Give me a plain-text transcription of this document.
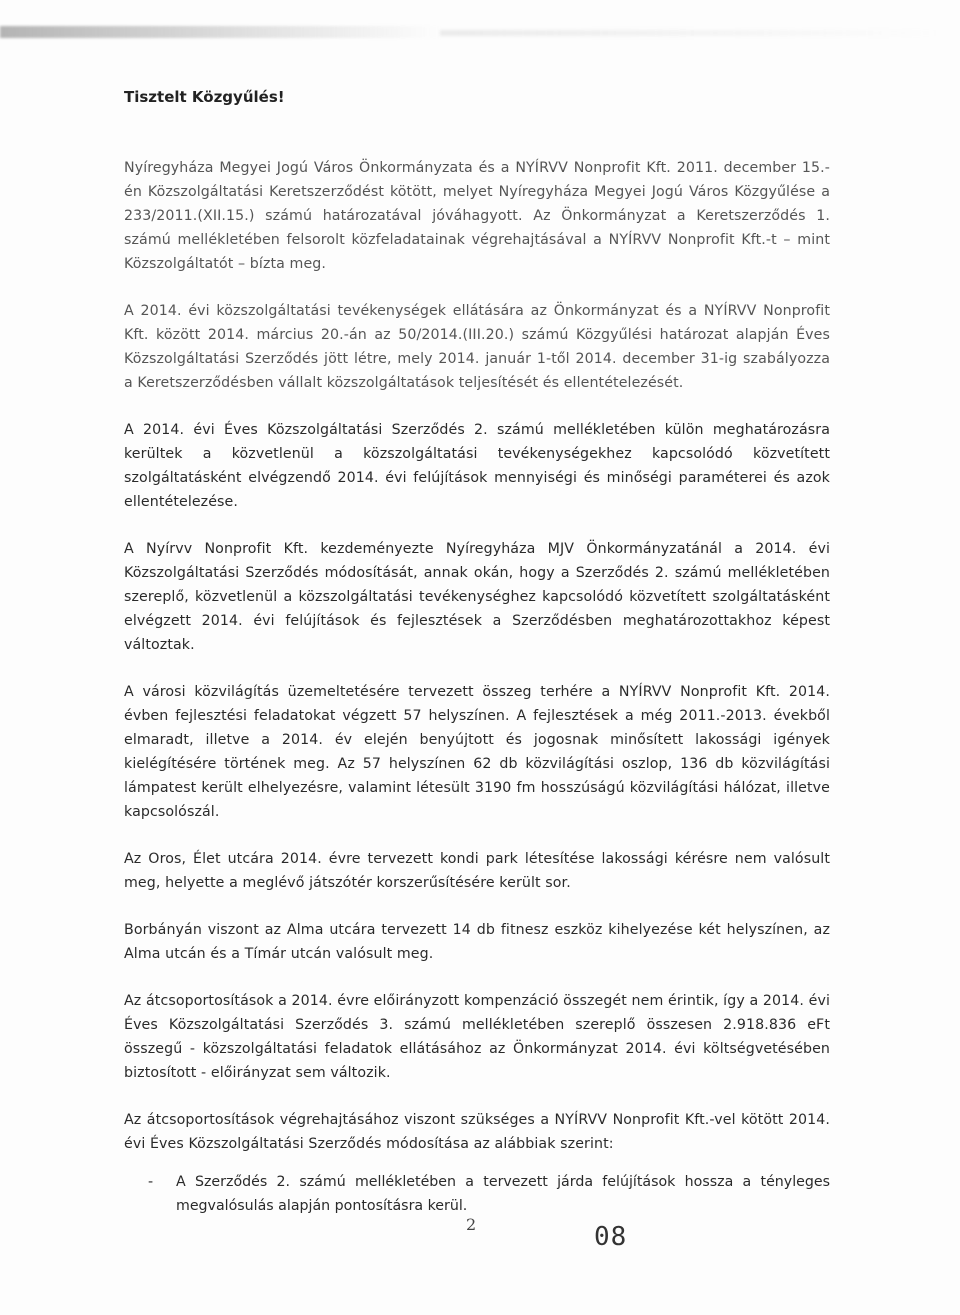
Tisztelt Közgyűlés!

Nyíregyháza Megyei Jogú Város Önkormányzata és a NYÍRVV Nonprofit Kft. 2011. december 15.-én Közszolgáltatási Keretszerződést kötött, melyet Nyíregyháza Megyei Jogú Város Közgyűlése a 233/2011.(XII.15.) számú határozatával jóváhagyott. Az Önkormányzat a Keretszerződés 1. számú mellékletében felsorolt közfeladatainak végrehajtásával a NYÍRVV Nonprofit Kft.-t – mint Közszolgáltatót – bízta meg.

A 2014. évi közszolgáltatási tevékenységek ellátására az Önkormányzat és a NYÍRVV Nonprofit Kft. között 2014. március 20.-án az 50/2014.(III.20.) számú Közgyűlési határozat alapján Éves Közszolgáltatási Szerződés jött létre, mely 2014. január 1-től 2014. december 31-ig szabályozza a Keretszerződésben vállalt közszolgáltatások teljesítését és ellentételezését.

A 2014. évi Éves Közszolgáltatási Szerződés 2. számú mellékletében külön meghatározásra kerültek a közvetlenül a közszolgáltatási tevékenységekhez kapcsolódó közvetített szolgáltatásként elvégzendő 2014. évi felújítások mennyiségi és minőségi paraméterei és azok ellentételezése.

A Nyírvv Nonprofit Kft. kezdeményezte Nyíregyháza MJV Önkormányzatánál a 2014. évi Közszolgáltatási Szerződés módosítását, annak okán, hogy a Szerződés 2. számú mellékletében szereplő, közvetlenül a közszolgáltatási tevékenységhez kapcsolódó közvetített szolgáltatásként elvégzett 2014. évi felújítások és fejlesztések a Szerződésben meghatározottakhoz képest változtak.

A városi közvilágítás üzemeltetésére tervezett összeg terhére a NYÍRVV Nonprofit Kft. 2014. évben fejlesztési feladatokat végzett 57 helyszínen. A fejlesztések a még 2011.-2013. évekből elmaradt, illetve a 2014. év elején benyújtott és jogosnak minősített lakossági igények kielégítésére történek meg. Az 57 helyszínen 62 db közvilágítási oszlop, 136 db közvilágítási lámpatest került elhelyezésre, valamint létesült 3190 fm hosszúságú közvilágítási hálózat, illetve kapcsolószál.

Az Oros, Élet utcára 2014. évre tervezett kondi park létesítése lakossági kérésre nem valósult meg, helyette a meglévő játszótér korszerűsítésére került sor.

Borbányán viszont az Alma utcára tervezett 14 db fitnesz eszköz kihelyezése két helyszínen, az Alma utcán és a Tímár utcán valósult meg.

Az átcsoportosítások a 2014. évre előirányzott kompenzáció összegét nem érintik, így a 2014. évi Éves Közszolgáltatási Szerződés 3. számú mellékletében szereplő összesen 2.918.836 eFt összegű - közszolgáltatási feladatok ellátásához az Önkormányzat 2014. évi költségvetésében biztosított - előirányzat sem változik.

Az átcsoportosítások végrehajtásához viszont szükséges a NYÍRVV Nonprofit Kft.-vel kötött 2014. évi Éves Közszolgáltatási Szerződés módosítása az alábbiak szerint:

- A Szerződés 2. számú mellékletében a tervezett járda felújítások hossza a tényleges megvalósulás alapján pontosításra kerül.
2	08
